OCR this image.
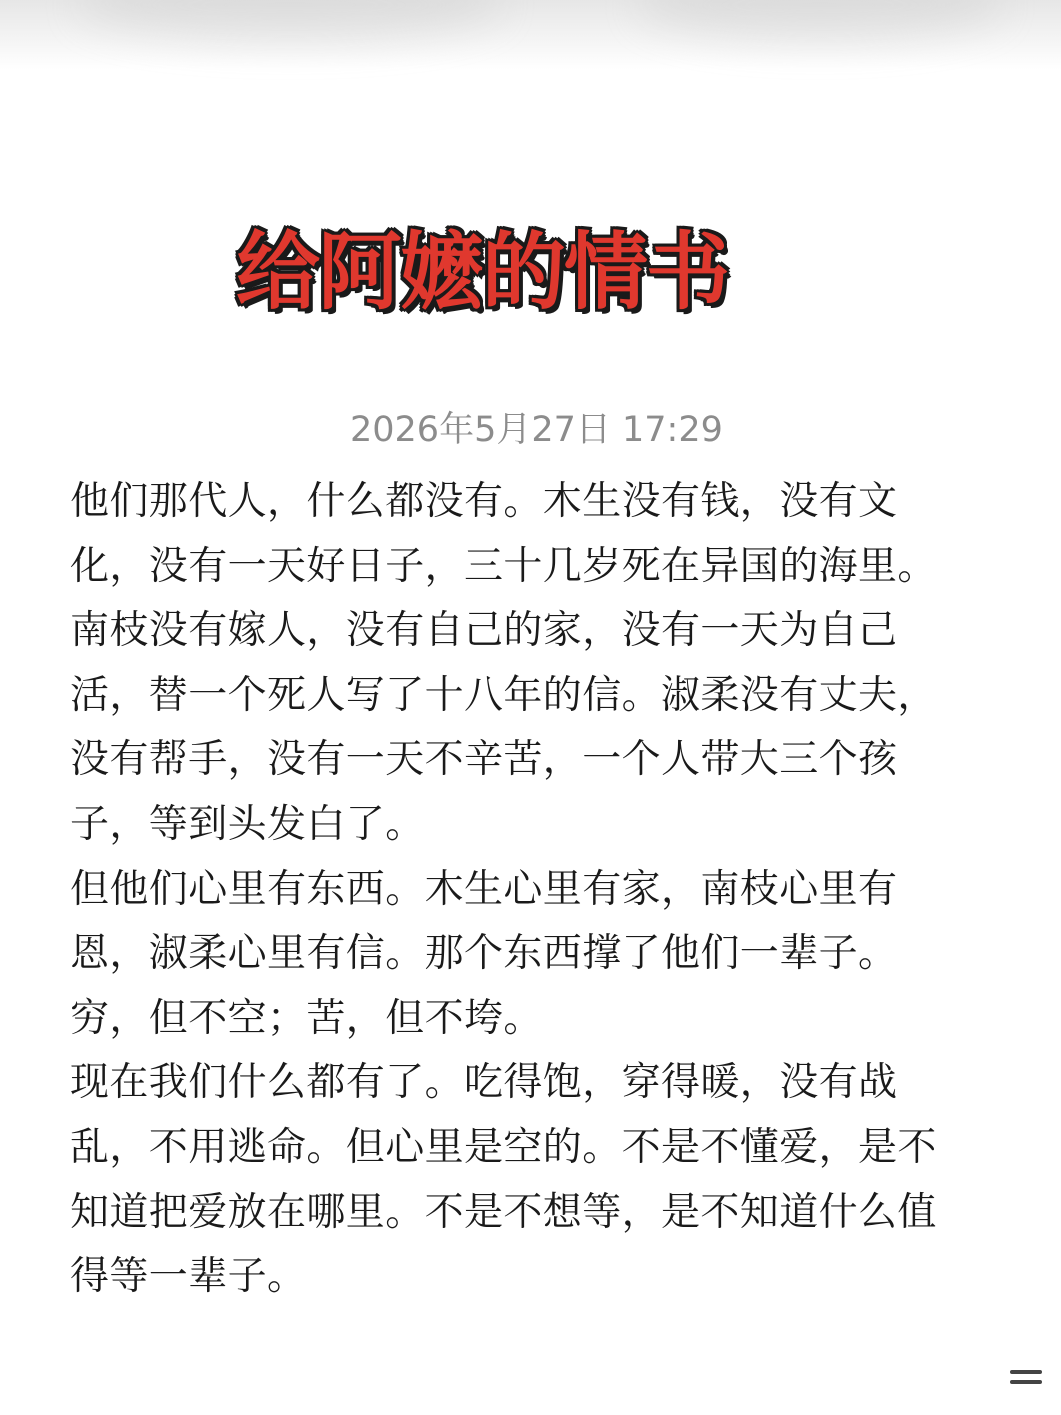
给阿嬷的情书
2026年5月27日 17:29
他们那代人，什么都没有。木生没有钱，没有文
化，没有一天好日子，三十几岁死在异国的海里。
南枝没有嫁人，没有自己的家，没有一天为自己
活，替一个死人写了十八年的信。淑柔没有丈夫，
没有帮手，没有一天不辛苦，一个人带大三个孩
子，等到头发白了。
但他们心里有东西。木生心里有家，南枝心里有
恩，淑柔心里有信。那个东西撑了他们一辈子。
穷，但不空；苦，但不垮。
现在我们什么都有了。吃得饱，穿得暖，没有战
乱，不用逃命。但心里是空的。不是不懂爱，是不
知道把爱放在哪里。不是不想等，是不知道什么值
得等一辈子。
